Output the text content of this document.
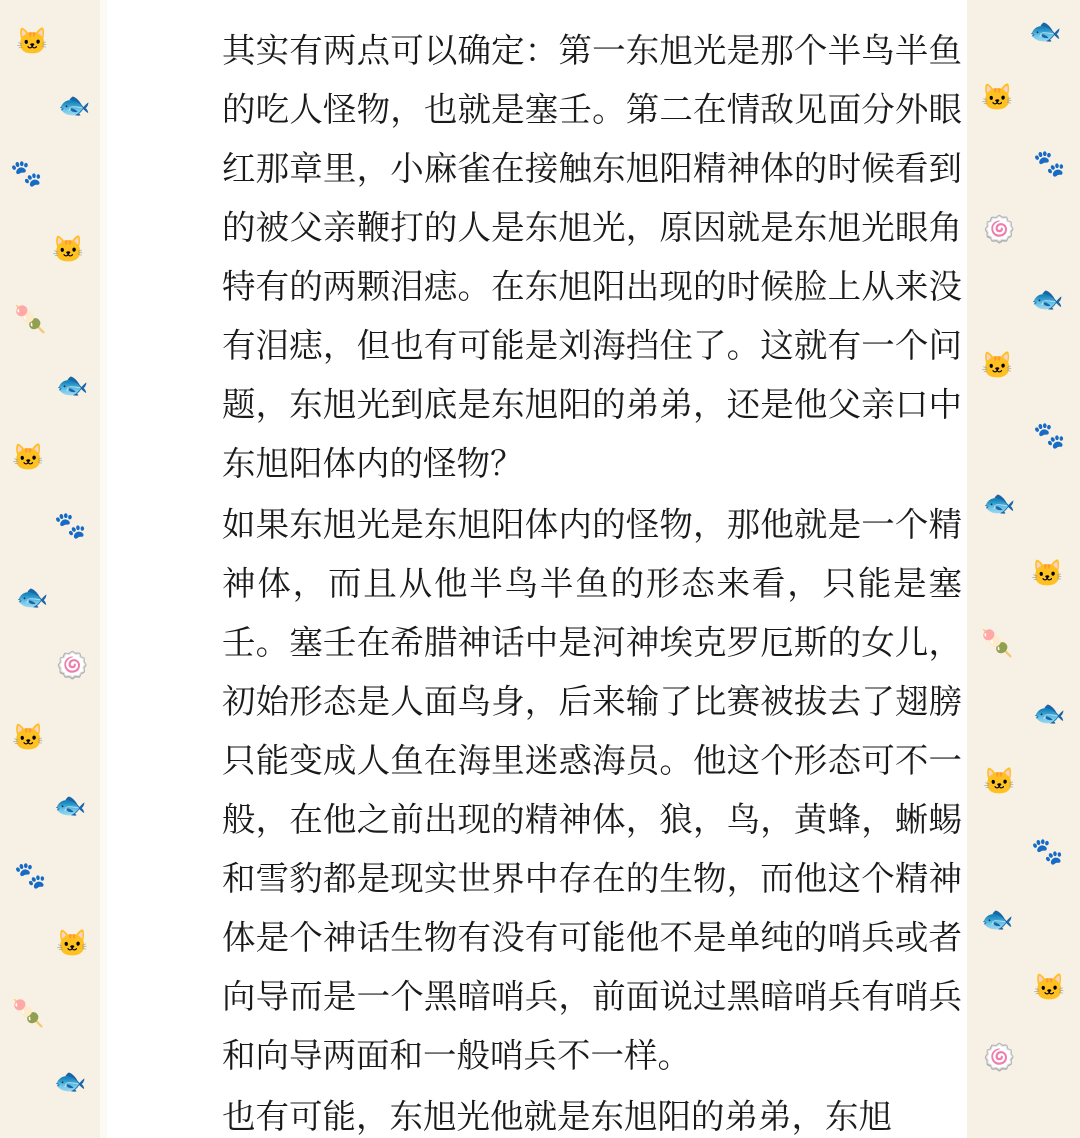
🐱
🐟
🐾
🐱
🍡
🐟
🐱
🐾
🐟
🍥
🐱
🐟
🐾
🐱
🍡
🐟
🐟
🐱
🐾
🍥
🐟
🐱
🐾
🐟
🐱
🍡
🐟
🐱
🐾
🐟
🐱
🍥

其实有两点可以确定：第一东旭光是那个半鸟半鱼的吃人怪物，也就是塞壬。第二在情敌见面分外眼红那章里，小麻雀在接触东旭阳精神体的时候看到的被父亲鞭打的人是东旭光，原因就是东旭光眼角特有的两颗泪痣。在东旭阳出现的时候脸上从来没有泪痣，但也有可能是刘海挡住了。这就有一个问题，东旭光到底是东旭阳的弟弟，还是他父亲口中东旭阳体内的怪物？

如果东旭光是东旭阳体内的怪物，那他就是一个精神体，而且从他半鸟半鱼的形态来看，只能是塞壬。塞壬在希腊神话中是河神埃克罗厄斯的女儿，初始形态是人面鸟身，后来输了比赛被拔去了翅膀只能变成人鱼在海里迷惑海员。他这个形态可不一般，在他之前出现的精神体，狼，鸟，黄蜂，蜥蜴和雪豹都是现实世界中存在的生物，而他这个精神体是个神话生物有没有可能他不是单纯的哨兵或者向导而是一个黑暗哨兵，前面说过黑暗哨兵有哨兵和向导两面和一般哨兵不一样。

也有可能，东旭光他就是东旭阳的弟弟，东旭
